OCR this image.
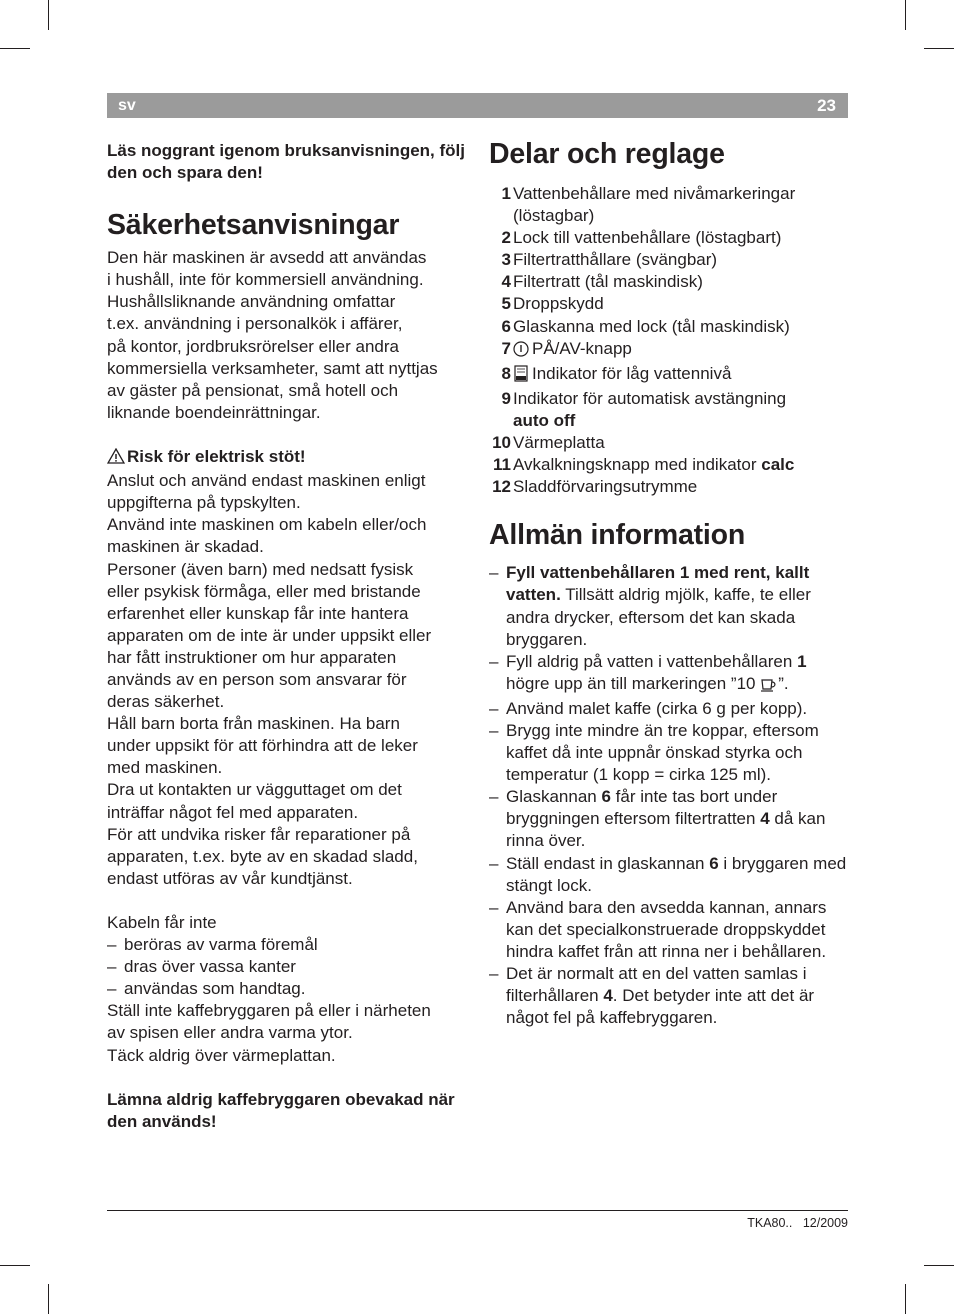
sv	23

Läs noggrant igenom bruksanvisningen, följ den och spara den!

Säkerhetsanvisningar
Den här maskinen är avsedd att användas
i hushåll, inte för kommersiell användning.
Hushållsliknande användning omfattar
t.ex. användning i personalkök i affärer,
på kontor, jordbruksrörelser eller andra
kommersiella verksamheter, samt att nyttjas
av gäster på pensionat, små hotell och
liknande boendeinrättningar.
Risk för elektrisk stöt!
Anslut och använd endast maskinen enligt
uppgifterna på typskylten.
Använd inte maskinen om kabeln eller/och
maskinen är skadad.
Personer (även barn) med nedsatt fysisk
eller psykisk förmåga, eller med bristande
erfarenhet eller kunskap får inte hantera
apparaten om de inte är under uppsikt eller
har fått instruktioner om hur apparaten
används av en person som ansvarar för
deras säkerhet.
Håll barn borta från maskinen. Ha barn
under uppsikt för att förhindra att de leker
med maskinen.
Dra ut kontakten ur vägguttaget om det
inträffar något fel med apparaten.
För att undvika risker får reparationer på
apparaten, t.ex. byte av en skadad sladd,
endast utföras av vår kundtjänst.
Kabeln får inte
– beröras av varma föremål
– dras över vassa kanter
– användas som handtag.
Ställ inte kaffebryggaren på eller i närheten
av spisen eller andra varma ytor.
Täck aldrig över värmeplattan.

Lämna aldrig kaffebryggaren obevakad när den används!

Delar och reglage
1 Vattenbehållare med nivåmarkeringar (löstagbar)
2 Lock till vattenbehållare (löstagbart)
3 Filtertratthållare (svängbar)
4 Filtertratt (tål maskindisk)
5 Droppskydd
6 Glaskanna med lock (tål maskindisk)
7	PÅ/AV-knapp
8	Indikator för låg vattennivå
9 Indikator för automatisk avstängning
auto off
10 Värmeplatta
11 Avkalkningsknapp med indikator calc
12 Sladdförvaringsutrymme
Allmän information
– Fyll vattenbehållaren 1 med rent, kallt vatten. Tillsätt aldrig mjölk, kaffe, te eller andra drycker, eftersom det kan skada bryggaren.
– Fyll aldrig på vatten i vattenbehållaren 1 högre upp än till markeringen ”10 ”.
– Använd malet kaffe (cirka 6 g per kopp).
– Brygg inte mindre än tre koppar, eftersom kaffet då inte uppnår önskad styrka och temperatur (1 kopp = cirka 125 ml).
– Glaskannan 6 får inte tas bort under bryggningen eftersom filtertratten 4 då kan rinna över.
– Ställ endast in glaskannan 6 i bryggaren med stängt lock.
– Använd bara den avsedda kannan, annars kan det specialkonstruerade droppskyddet hindra kaffet från att rinna ner i behållaren.
– Det är normalt att en del vatten samlas i filterhållaren 4. Det betyder inte att det är något fel på kaffebryggaren.
TKA80.. 12/2009
